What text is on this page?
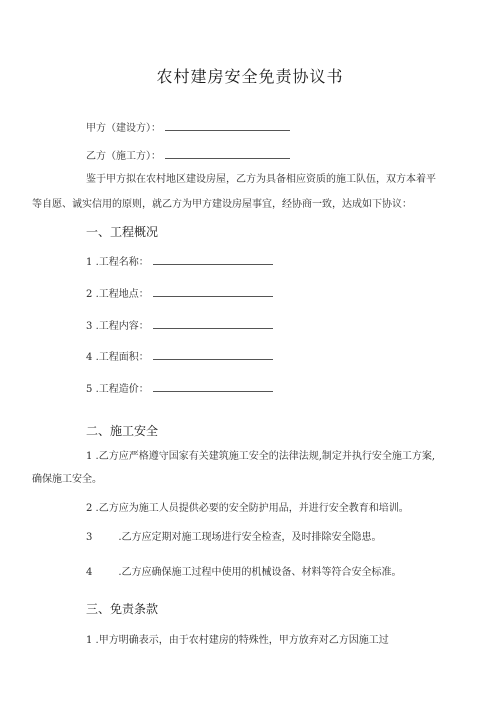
农村建房安全免责协议书
甲方（建设方）：
乙方（施工方）：
鉴于甲方拟在农村地区建设房屋，乙方为具备相应资质的施工队伍，双方本着平
等自愿、诚实信用的原则，就乙方为甲方建设房屋事宜，经协商一致，达成如下协议：
一、工程概况
1 .工程名称：
2 .工程地点：
3 .工程内容：
4 .工程面积：
5 .工程造价：
二、施工安全
1 .乙方应严格遵守国家有关建筑施工安全的法律法规,制定并执行安全施工方案,
确保施工安全。
2 .乙方应为施工人员提供必要的安全防护用品，并进行安全教育和培训。
3	.乙方应定期对施工现场进行安全检查，及时排除安全隐患。
4	.乙方应确保施工过程中使用的机械设备、材料等符合安全标准。
三、免责条款
1 .甲方明确表示，由于农村建房的特殊性，甲方放弃对乙方因施工过
